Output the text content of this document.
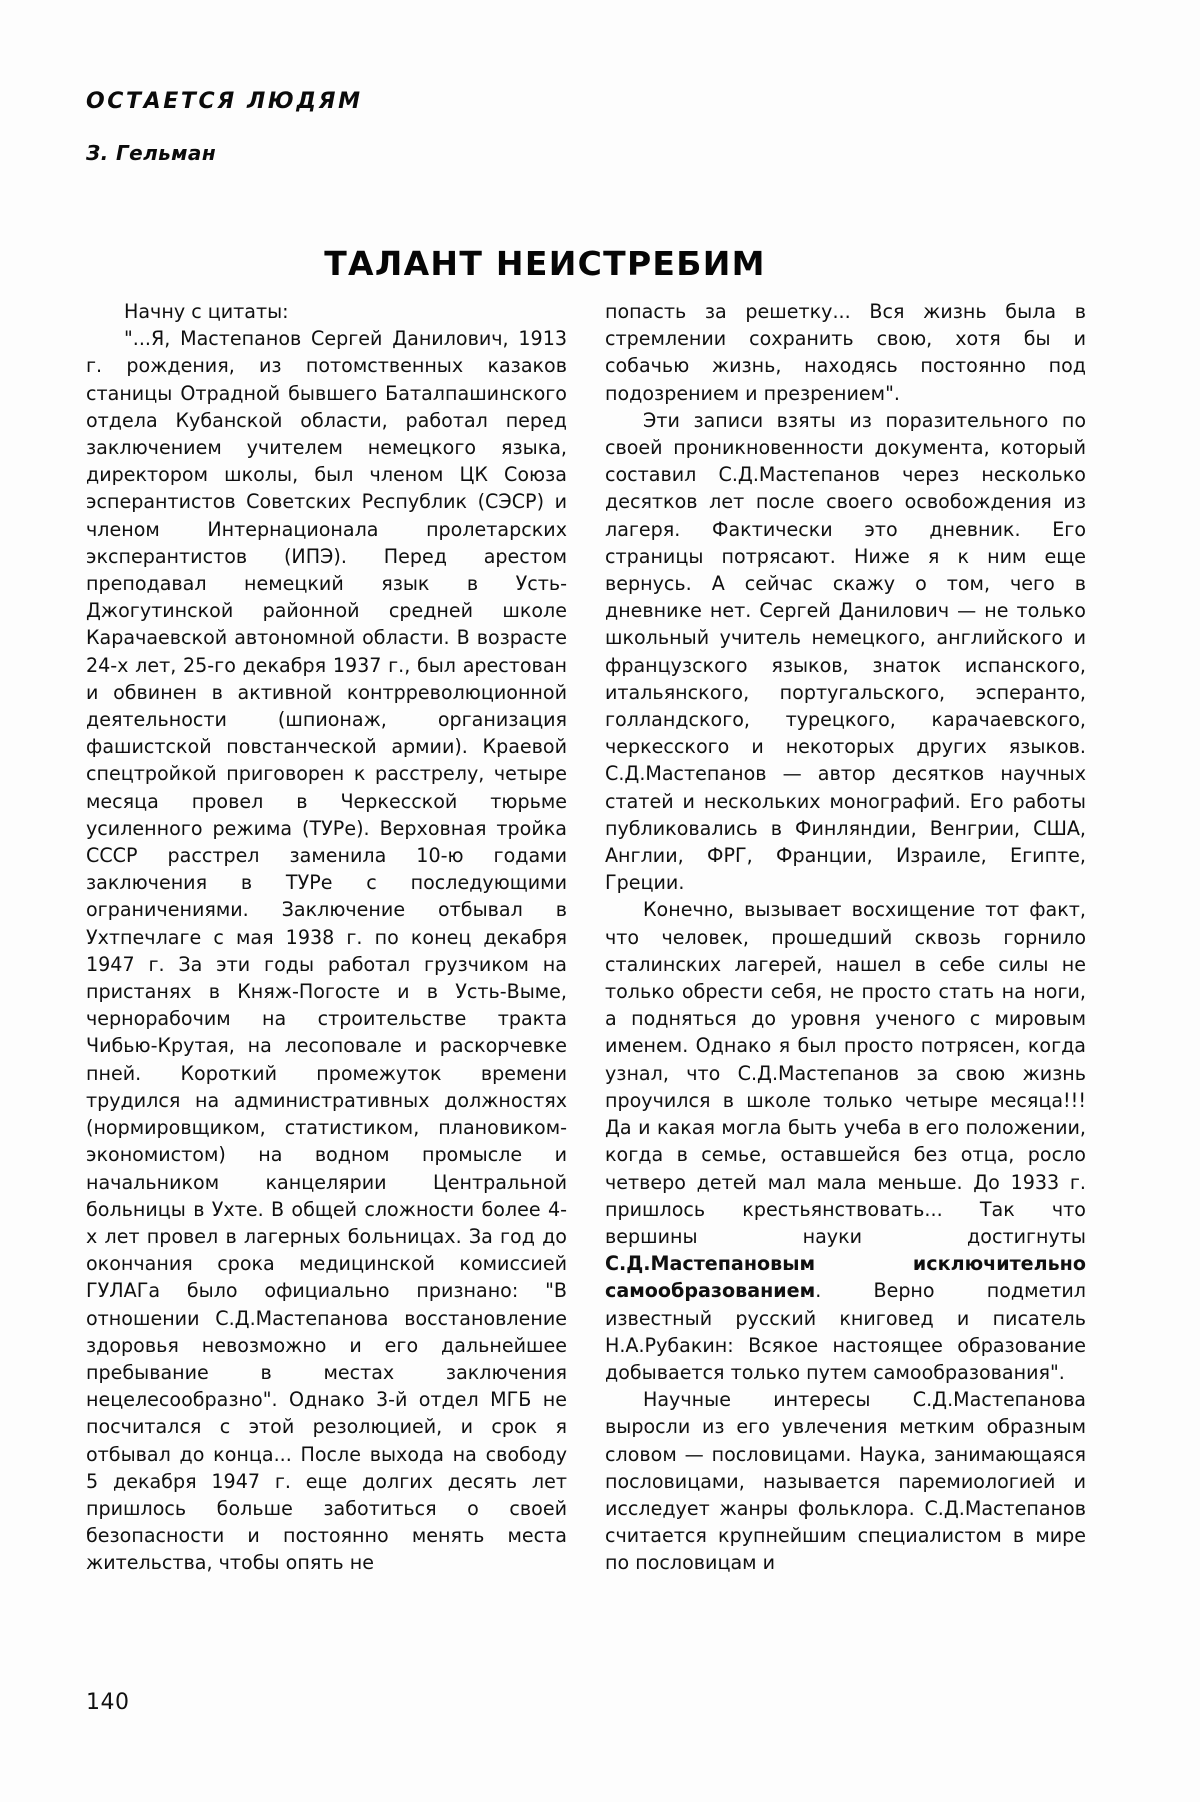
ОСТАЕТСЯ ЛЮДЯМ
З. Гельман
ТАЛАНТ НЕИСТРЕБИМ

Начну с цитаты:

"...Я, Мастепанов Сергей Данилович, 1913 г. рождения, из потомственных казаков станицы Отрадной бывшего Баталпашинского отдела Кубанской области, работал перед заключением учителем немецкого языка, директором школы, был членом ЦК Союза эсперантистов Советских Республик (СЭСР) и членом Интернационала пролетарских эксперантистов (ИПЭ). Перед арестом преподавал немецкий язык в Усть-Джогутинской районной средней школе Карачаевской автономной области. В возрасте 24-х лет, 25-го декабря 1937 г., был арестован и обвинен в активной контрреволюционной деятельности (шпионаж, организация фашистской повстанческой армии). Краевой спецтройкой приговорен к расстрелу, четыре месяца провел в Черкесской тюрьме усиленного режима (ТУРе). Верховная тройка СССР расстрел заменила 10-ю годами заключения в ТУРе с последующими ограничениями. Заключение отбывал в Ухтпечлаге с мая 1938 г. по конец декабря 1947 г. За эти годы работал грузчиком на пристанях в Княж-Погосте и в Усть-Выме, чернорабочим на строительстве тракта Чибью-Крутая, на лесоповале и раскорчевке пней. Короткий промежуток времени трудился на административных должностях (нормировщиком, статистиком, плановиком-экономистом) на водном промысле и начальником канцелярии Центральной больницы в Ухте. В общей сложности более 4-х лет провел в лагерных больницах. За год до окончания срока медицинской комиссией ГУЛАГа было официально признано: "В отношении С.Д.Мастепанова восстановление здоровья невозможно и его дальнейшее пребывание в местах заключения нецелесообразно". Однако 3-й отдел МГБ не посчитался с этой резолюцией, и срок я отбывал до конца... После выхода на свободу 5 декабря 1947 г. еще долгих десять лет пришлось больше заботиться о своей безопасности и постоянно менять места жительства, чтобы опять не

попасть за решетку... Вся жизнь была в стремлении сохранить свою, хотя бы и собачью жизнь, находясь постоянно под подозрением и презрением".

Эти записи взяты из поразительного по своей проникновенности документа, который составил С.Д.Мастепанов через несколько десятков лет после своего освобождения из лагеря. Фактически это дневник. Его страницы потрясают. Ниже я к ним еще вернусь. А сейчас скажу о том, чего в дневнике нет. Сергей Данилович — не только школьный учитель немецкого, английского и французского языков, знаток испанского, итальянского, португальского, эсперанто, голландского, турецкого, карачаевского, черкесского и некоторых других языков. С.Д.Мастепанов — автор десятков научных статей и нескольких монографий. Его работы публиковались в Финляндии, Венгрии, США, Англии, ФРГ, Франции, Израиле, Египте, Греции.

Конечно, вызывает восхищение тот факт, что человек, прошедший сквозь горнило сталинских лагерей, нашел в себе силы не только обрести себя, не просто стать на ноги, а подняться до уровня ученого с мировым именем. Однако я был просто потрясен, когда узнал, что С.Д.Мастепанов за свою жизнь проучился в школе только четыре месяца!!! Да и какая могла быть учеба в его положении, когда в семье, оставшейся без отца, росло четверо детей мал мала меньше. До 1933 г. пришлось крестьянствовать... Так что вершины науки достигнуты С.Д.Мастепановым исключительно самообразованием. Верно подметил известный русский книговед и писатель Н.А.Рубакин: Всякое настоящее образование добывается только путем самообразования".

Научные интересы С.Д.Мастепанова выросли из его увлечения метким образным словом — пословицами. Наука, занимающаяся пословицами, называется паремиологией и исследует жанры фольклора. С.Д.Мастепанов считается крупнейшим специалистом в мире по пословицам и

140
